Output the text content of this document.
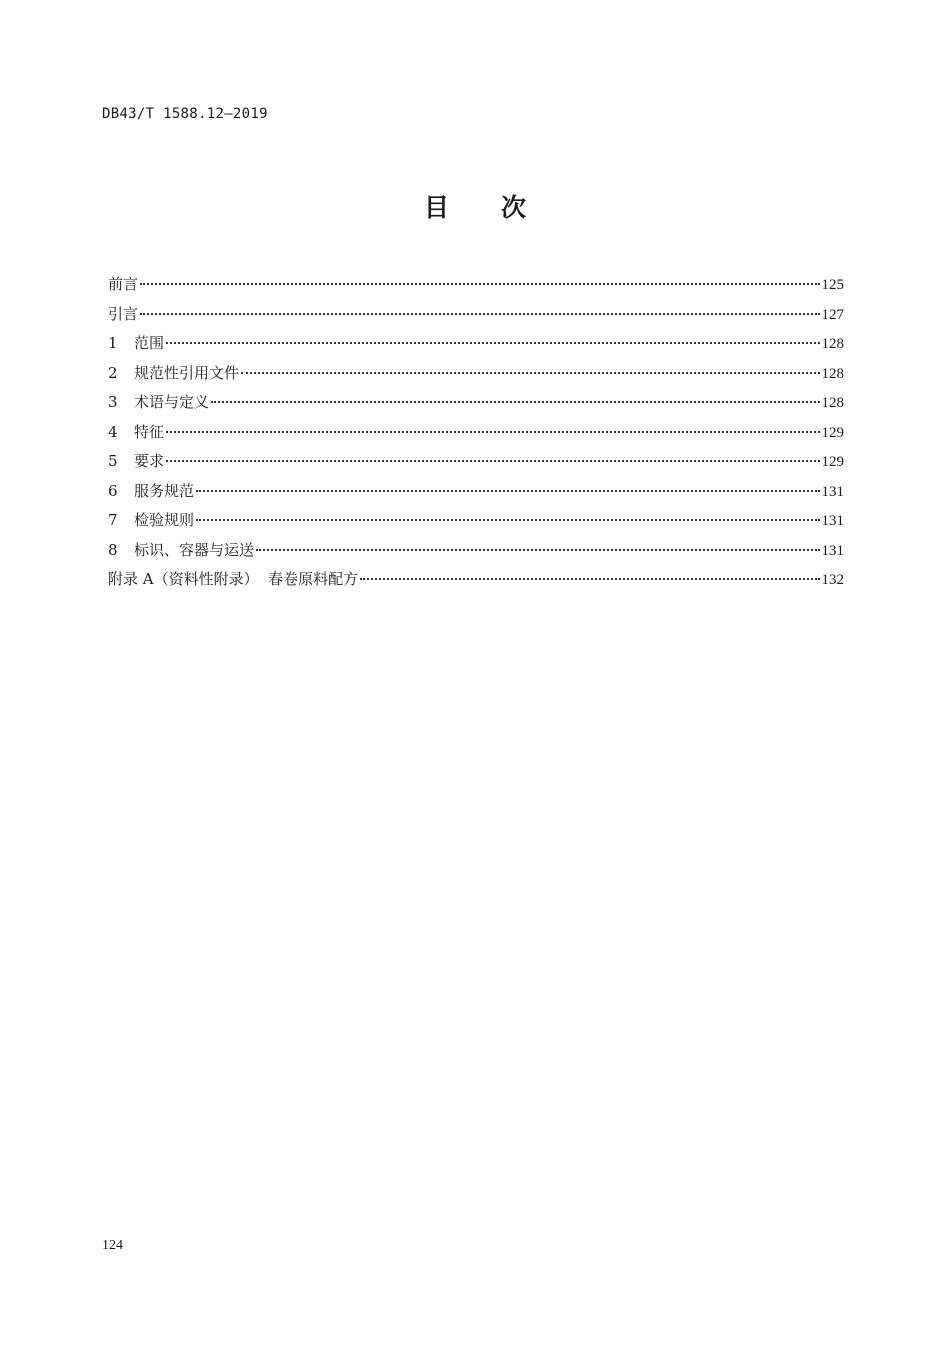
DB43/T 1588.12—2019
目 次
前言	125
引言	127
1	范围	128
2	规范性引用文件	128
3	术语与定义	128
4	特征	129
5	要求	129
6	服务规范	131
7	检验规则	131
8	标识、容器与运送	131
附录 A（资料性附录）  春卷原料配方	132
124
